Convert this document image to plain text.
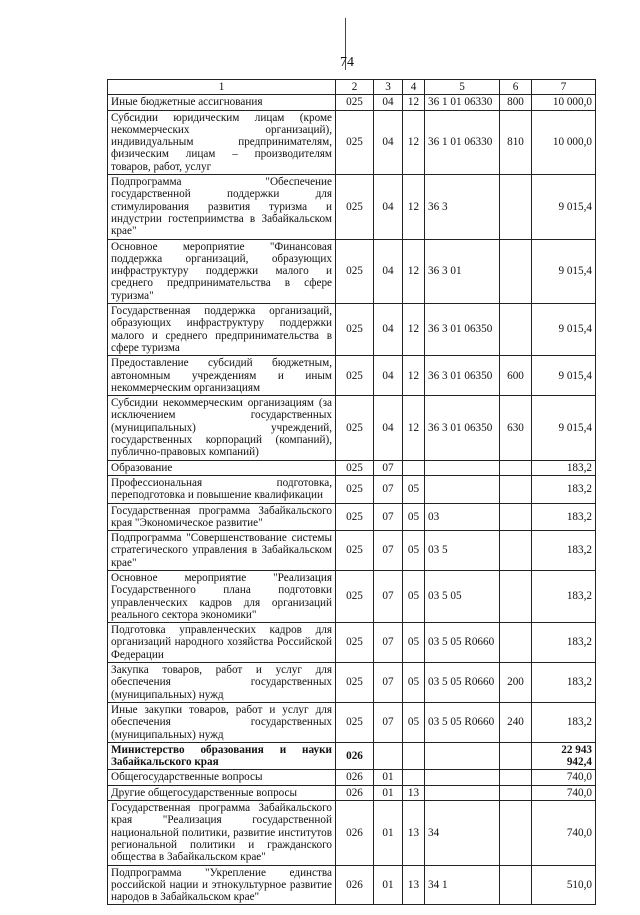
74
1	2	3	4	5	6	7
Иные бюджетные ассигнования	025	04	12	36 1 01 06330	800	10 000,0
Субсидии юридическим лицам (кроме некоммерческих организаций), индивидуальным предпринимателям, физическим лицам – производителям товаров, работ, услуг	025	04	12	36 1 01 06330	810	10 000,0
Подпрограмма "Обеспечение государственной поддержки для стимулирования развития туризма и индустрии гостеприимства в Забайкальском крае"	025	04	12	36 3		9 015,4
Основное мероприятие "Финансовая поддержка организаций, образующих инфраструктуру поддержки малого и среднего предпринимательства в сфере туризма"	025	04	12	36 3 01		9 015,4
Государственная поддержка организаций, образующих инфраструктуру поддержки малого и среднего предпринимательства в сфере туризма	025	04	12	36 3 01 06350		9 015,4
Предоставление субсидий бюджетным, автономным учреждениям и иным некоммерческим организациям	025	04	12	36 3 01 06350	600	9 015,4
Субсидии некоммерческим организациям (за исключением государственных (муниципальных) учреждений, государственных корпораций (компаний), публично-правовых компаний)	025	04	12	36 3 01 06350	630	9 015,4
Образование	025	07				183,2
Профессиональная подготовка, переподготовка и повышение квалификации	025	07	05			183,2
Государственная программа Забайкальского края "Экономическое развитие"	025	07	05	03		183,2
Подпрограмма "Совершенствование системы стратегического управления в Забайкальском крае"	025	07	05	03 5		183,2
Основное мероприятие "Реализация Государственного плана подготовки управленческих кадров для организаций реального сектора экономики"	025	07	05	03 5 05		183,2
Подготовка управленческих кадров для организаций народного хозяйства Российской Федерации	025	07	05	03 5 05 R0660		183,2
Закупка товаров, работ и услуг для обеспечения государственных (муниципальных) нужд	025	07	05	03 5 05 R0660	200	183,2
Иные закупки товаров, работ и услуг для обеспечения государственных (муниципальных) нужд	025	07	05	03 5 05 R0660	240	183,2
Министерство образования и науки Забайкальского края	026					22 943 942,4
Общегосударственные вопросы	026	01				740,0
Другие общегосударственные вопросы	026	01	13			740,0
Государственная программа Забайкальского края "Реализация государственной национальной политики, развитие институтов региональной политики и гражданского общества в Забайкальском крае"	026	01	13	34		740,0
Подпрограмма "Укрепление единства российской нации и этнокультурное развитие народов в Забайкальском крае"	026	01	13	34 1		510,0
